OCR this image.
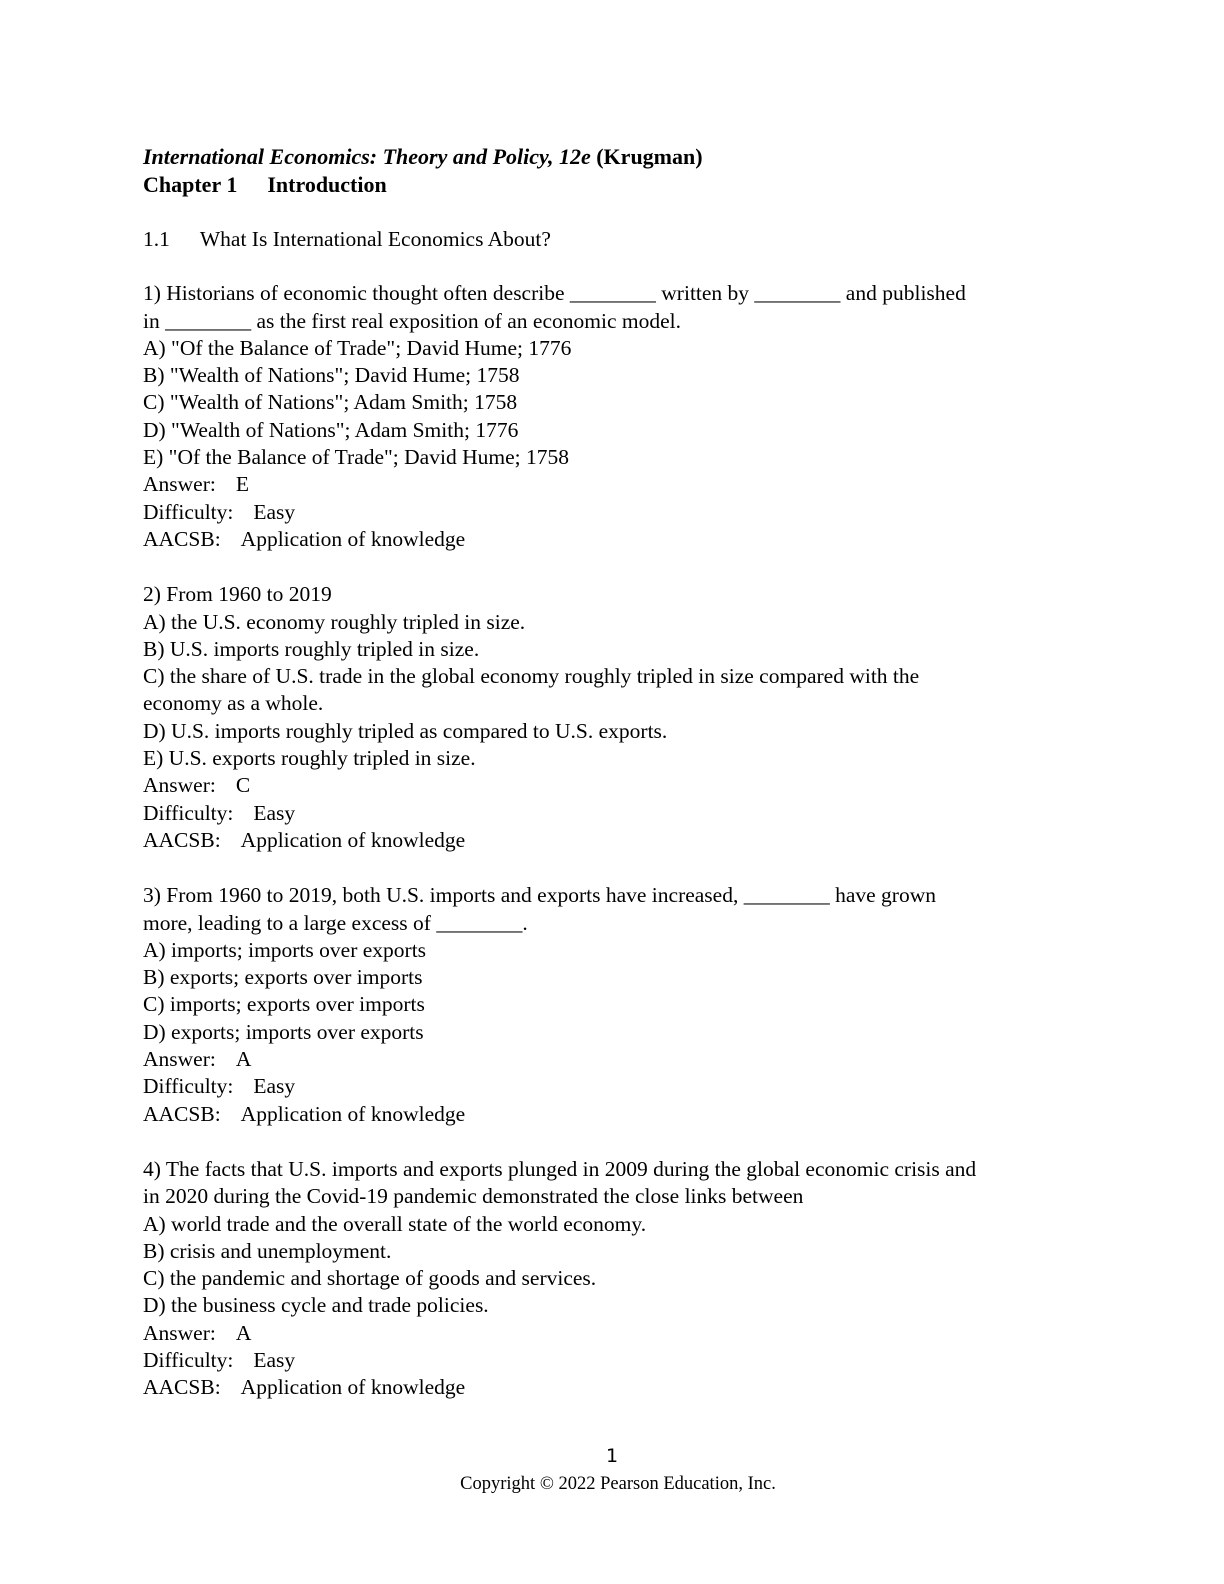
International Economics: Theory and Policy, 12e (Krugman)
Chapter 1 Introduction
1.1 What Is International Economics About?
1) Historians of economic thought often describe ________ written by ________ and published
in ________ as the first real exposition of an economic model.
A) "Of the Balance of Trade"; David Hume; 1776
B) "Wealth of Nations"; David Hume; 1758
C) "Wealth of Nations"; Adam Smith; 1758
D) "Wealth of Nations"; Adam Smith; 1776
E) "Of the Balance of Trade"; David Hume; 1758
Answer: E
Difficulty: Easy
AACSB: Application of knowledge
2) From 1960 to 2019
A) the U.S. economy roughly tripled in size.
B) U.S. imports roughly tripled in size.
C) the share of U.S. trade in the global economy roughly tripled in size compared with the
economy as a whole.
D) U.S. imports roughly tripled as compared to U.S. exports.
E) U.S. exports roughly tripled in size.
Answer: C
Difficulty: Easy
AACSB: Application of knowledge
3) From 1960 to 2019, both U.S. imports and exports have increased, ________ have grown
more, leading to a large excess of ________.
A) imports; imports over exports
B) exports; exports over imports
C) imports; exports over imports
D) exports; imports over exports
Answer: A
Difficulty: Easy
AACSB: Application of knowledge
4) The facts that U.S. imports and exports plunged in 2009 during the global economic crisis and
in 2020 during the Covid-19 pandemic demonstrated the close links between
A) world trade and the overall state of the world economy.
B) crisis and unemployment.
C) the pandemic and shortage of goods and services.
D) the business cycle and trade policies.
Answer: A
Difficulty: Easy
AACSB: Application of knowledge
1
Copyright © 2022 Pearson Education, Inc.
